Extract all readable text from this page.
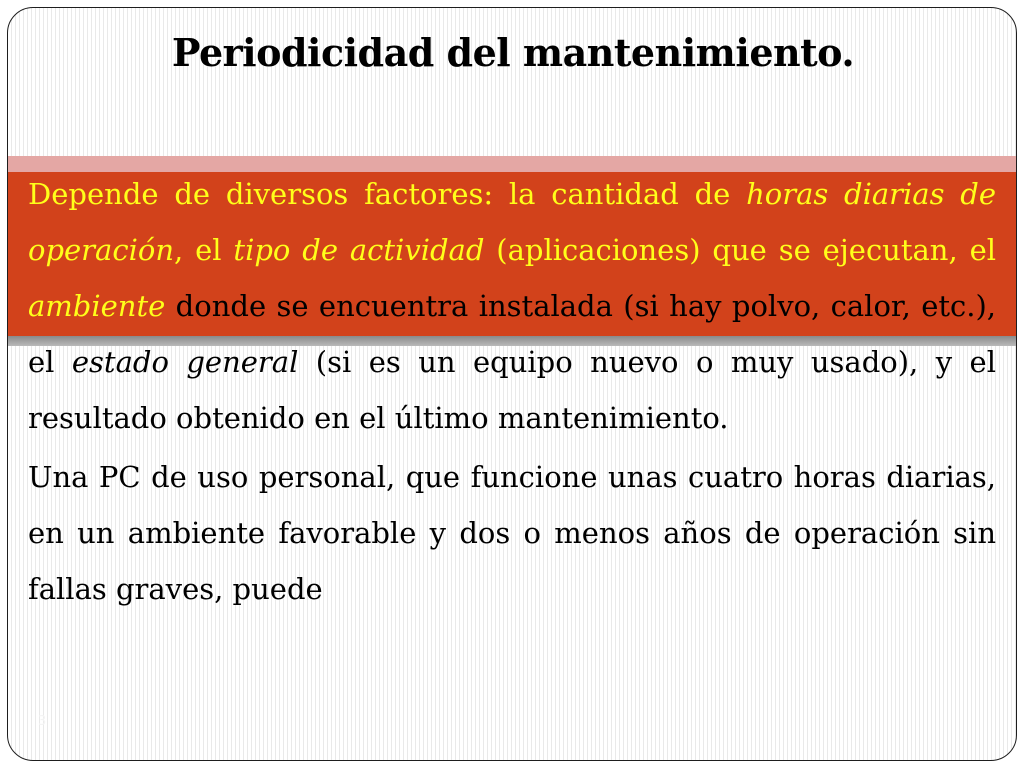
Periodicidad del mantenimiento.

Depende de diversos factores: la cantidad de horas diarias de operación, el tipo de actividad (aplicaciones) que se ejecutan, el ambiente donde se encuentra instalada (si hay polvo, calor, etc.), el estado general (si es un equipo nuevo o muy usado), y el resultado obtenido en el último mantenimiento.

Una PC de uso personal, que funcione unas cuatro horas diarias, en un ambiente favorable y dos o menos años de operación sin fallas graves, puede

3
